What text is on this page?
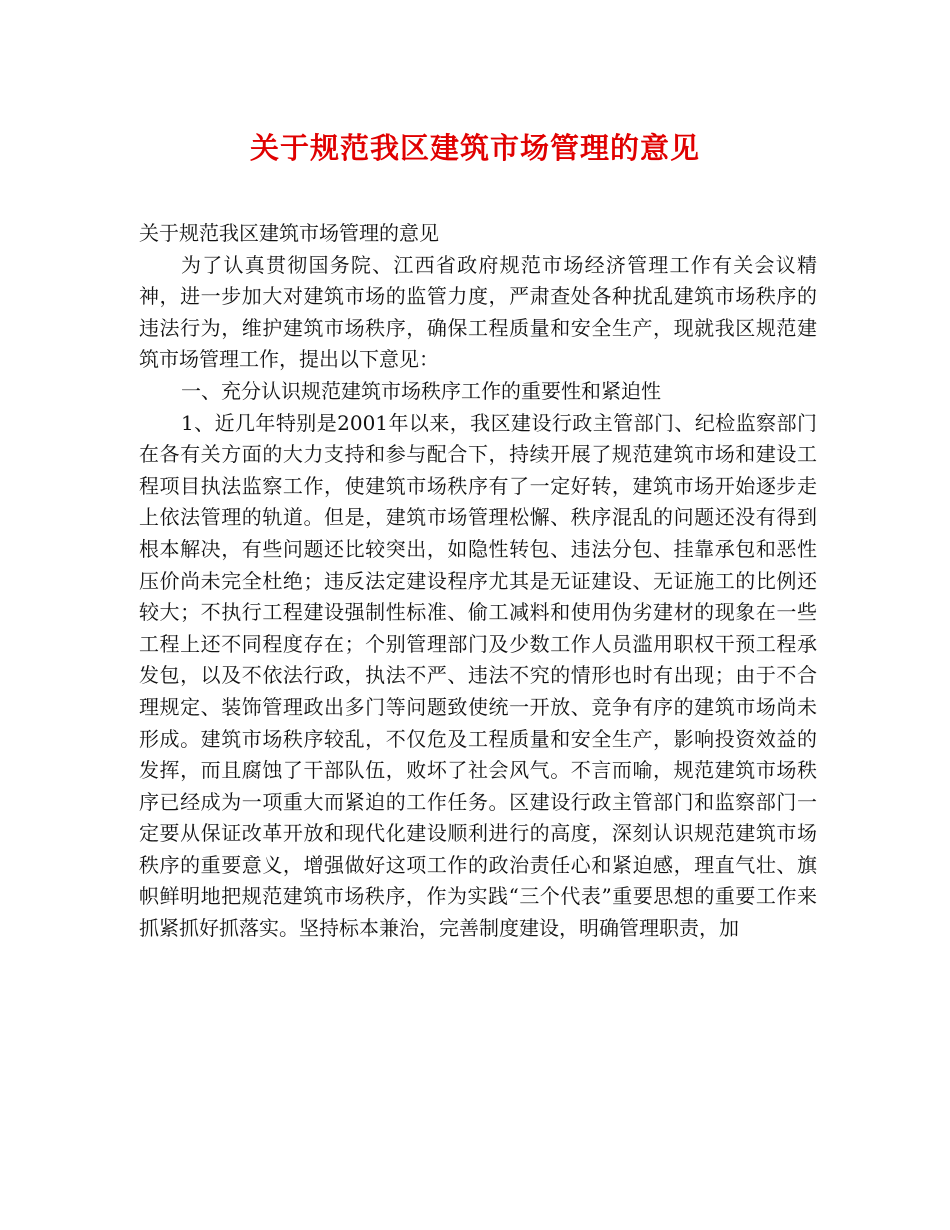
关于规范我区建筑市场管理的意见

关于规范我区建筑市场管理的意见

为了认真贯彻国务院、江西省政府规范市场经济管理工作有关会议精神，进一步加大对建筑市场的监管力度，严肃查处各种扰乱建筑市场秩序的违法行为，维护建筑市场秩序，确保工程质量和安全生产，现就我区规范建筑市场管理工作，提出以下意见：

一、充分认识规范建筑市场秩序工作的重要性和紧迫性

1、近几年特别是2001年以来，我区建设行政主管部门、纪检监察部门在各有关方面的大力支持和参与配合下，持续开展了规范建筑市场和建设工程项目执法监察工作，使建筑市场秩序有了一定好转，建筑市场开始逐步走上依法管理的轨道。但是，建筑市场管理松懈、秩序混乱的问题还没有得到根本解决，有些问题还比较突出，如隐性转包、违法分包、挂靠承包和恶性压价尚未完全杜绝；违反法定建设程序尤其是无证建设、无证施工的比例还较大；不执行工程建设强制性标准、偷工减料和使用伪劣建材的现象在一些工程上还不同程度存在；个别管理部门及少数工作人员滥用职权干预工程承发包，以及不依法行政，执法不严、违法不究的情形也时有出现；由于不合理规定、装饰管理政出多门等问题致使统一开放、竞争有序的建筑市场尚未形成。建筑市场秩序较乱，不仅危及工程质量和安全生产，影响投资效益的发挥，而且腐蚀了干部队伍，败坏了社会风气。不言而喻，规范建筑市场秩序已经成为一项重大而紧迫的工作任务。区建设行政主管部门和监察部门一定要从保证改革开放和现代化建设顺利进行的高度，深刻认识规范建筑市场秩序的重要意义，增强做好这项工作的政治责任心和紧迫感，理直气壮、旗帜鲜明地把规范建筑市场秩序，作为实践“三个代表”重要思想的重要工作来抓紧抓好抓落实。坚持标本兼治，完善制度建设，明确管理职责，加
